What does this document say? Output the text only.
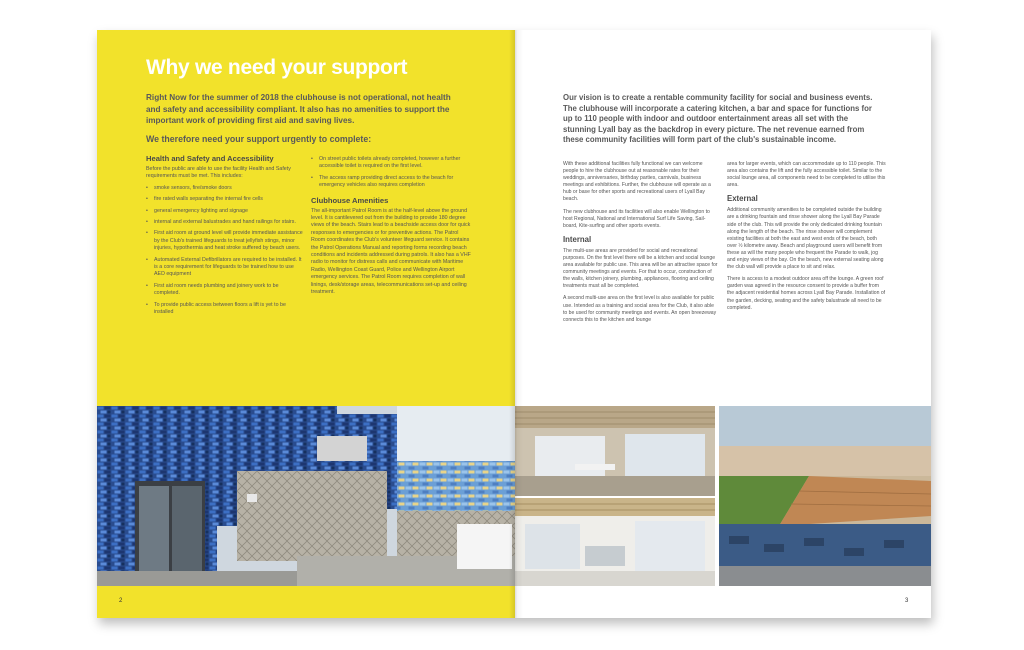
Why we need your support
Right Now for the summer of 2018 the clubhouse is not operational, not health and safety and accessibility compliant. It also has no amenities to support the important work of providing first aid and saving lives.
We therefore need your support urgently to complete:
Health and Safety and Accessibility

Before the public are able to use the facility Health and Safety requirements must be met. This includes:

• smoke sensors, fire/smoke doors
• fire rated walls separating the internal fire cells
• general emergency lighting and signage
• internal and external balustrades and hand railings for stairs.
• First aid room at ground level will provide immediate assistance by the Club's trained lifeguards to treat jellyfish stings, minor injuries, hypothermia and heat stroke suffered by beach users.
• Automated External Defibrillators are required to be installed. It is a core requirement for lifeguards to be trained how to use AED equipment
• First aid room needs plumbing and joinery work to be completed.
• To provide public access between floors a lift is yet to be installed
• On street public toilets already completed, however a further accessible toilet is required on the first level.
• The access ramp providing direct access to the beach for emergency vehicles also requires completion
Clubhouse Amenities

The all-important Patrol Room is at the half-level above the ground level. It is cantilevered out from the building to provide 180 degree views of the beach. Stairs lead to a beachside access door for quick responses to emergencies or for preventive actions. The Patrol Room coordinates the Club's volunteer lifeguard service. It contains the Patrol Operations Manual and reporting forms recording beach conditions and incidents addressed during patrols. It also has a VHF radio to monitor for distress calls and communicate with Maritime Radio, Wellington Coast Guard, Police and Wellington Airport emergency services. The Patrol Room requires completion of wall linings, desk/storage areas, telecommunications set-up and ceiling treatment.

Our vision is to create a rentable community facility for social and business events. The clubhouse will incorporate a catering kitchen, a bar and space for functions for up to 110 people with indoor and outdoor entertainment areas all set with the stunning Lyall bay as the backdrop in every picture. The net revenue earned from these community facilities will form part of the club's sustainable income.

With these additional facilities fully functional we can welcome people to hire the clubhouse out at reasonable rates for their weddings, anniversaries, birthday parties, carnivals, business meetings and exhibitions. Further, the clubhouse will operate as a hub or base for other sports and recreational users of Lyall Bay beach.

The new clubhouse and its facilities will also enable Wellington to host Regional, National and International Surf Life Saving, Sail-board, Kite-surfing and other sports events.

Internal

The multi-use areas are provided for social and recreational purposes. On the first level there will be a kitchen and social lounge area available for public use. This area will be an attractive space for community meetings and events. For that to occur, construction of the walls, kitchen joinery, plumbing, appliances, flooring and ceiling treatments must all be completed.

A second multi-use area on the first level is also available for public use. Intended as a training and social area for the Club, it also able to be used for community meetings and events. An open breezeway connects this to the kitchen and lounge

area for larger events, which can accommodate up to 110 people. This area also contains the lift and the fully accessible toilet. Similar to the social lounge area, all components need to be completed to utilise this area.

External

Additional community amenities to be completed outside the building are a drinking fountain and rinse shower along the Lyall Bay Parade side of the club. This will provide the only dedicated drinking fountain along the length of the beach. The rinse shower will complement existing facilities at both the east and west ends of the beach, both over ½ kilometre away. Beach and playground users will benefit from these as will the many people who frequent the Parade to walk, jog and enjoy views of the bay. On the beach, new external seating along the club wall will provide a place to sit and relax.

There is access to a modest outdoor area off the lounge. A green roof garden was agreed in the resource consent to provide a buffer from the adjacent residential homes across Lyall Bay Parade. Installation of the garden, decking, seating and the safety balustrade all need to be completed.

2	3
